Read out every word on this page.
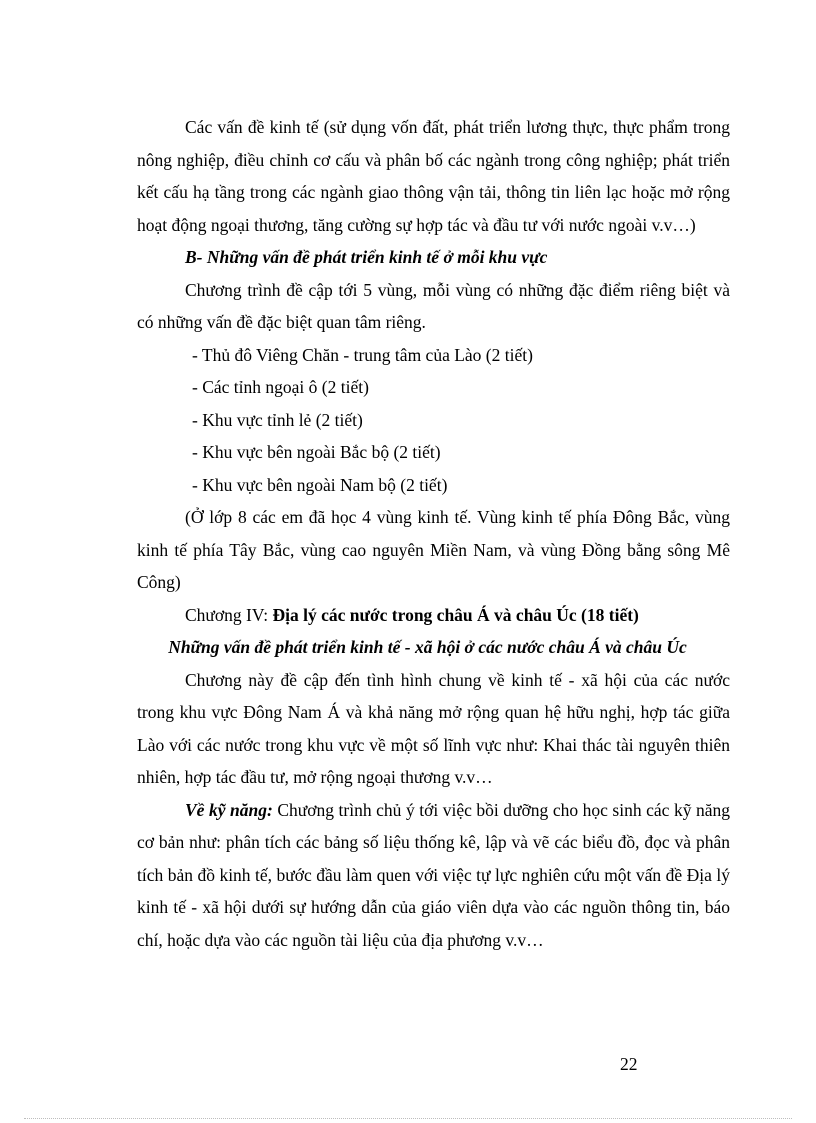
Các vấn đề kinh tế (sử dụng vốn đất, phát triển lương thực, thực phẩm trong nông nghiệp, điều chỉnh cơ cấu và phân bố các ngành trong công nghiệp; phát triển kết cấu hạ tầng trong các ngành giao thông vận tải, thông tin liên lạc hoặc mở rộng hoạt động ngoại thương, tăng cường sự hợp tác và đầu tư với nước ngoài v.v…)

B- Những vấn đề phát triển kinh tế ở mỗi khu vực

Chương trình đề cập tới 5 vùng, mỗi vùng có những đặc điểm riêng biệt và có những vấn đề đặc biệt quan tâm riêng.

- Thủ đô Viêng Chăn - trung tâm của Lào (2 tiết)

- Các tỉnh ngoại ô (2 tiết)

- Khu vực tỉnh lẻ (2 tiết)

- Khu vực bên ngoài Bắc bộ (2 tiết)

- Khu vực bên ngoài Nam bộ (2 tiết)

(Ở lớp 8 các em đã học 4 vùng kinh tế. Vùng kinh tế phía Đông Bắc, vùng kinh tế phía Tây Bắc, vùng cao nguyên Miền Nam, và vùng Đồng bằng sông Mê Công)

Chương IV: Địa lý các nước trong châu Á và châu Úc (18 tiết)

Những vấn đề phát triển kinh tế - xã hội ở các nước châu Á và châu Úc

Chương này đề cập đến tình hình chung về kinh tế - xã hội của các nước trong khu vực Đông Nam Á và khả năng mở rộng quan hệ hữu nghị, hợp tác giữa Lào với các nước trong khu vực về một số lĩnh vực như: Khai thác tài nguyên thiên nhiên, hợp tác đầu tư, mở rộng ngoại thương v.v…

Về kỹ năng: Chương trình chủ ý tới việc bồi dưỡng cho học sinh các kỹ năng cơ bản như: phân tích các bảng số liệu thống kê, lập và vẽ các biểu đồ, đọc và phân tích bản đồ kinh tế, bước đầu làm quen với việc tự lực nghiên cứu một vấn đề Địa lý kinh tế - xã hội dưới sự hướng dẫn của giáo viên dựa vào các nguồn thông tin, báo chí, hoặc dựa vào các nguồn tài liệu của địa phương v.v…

22
